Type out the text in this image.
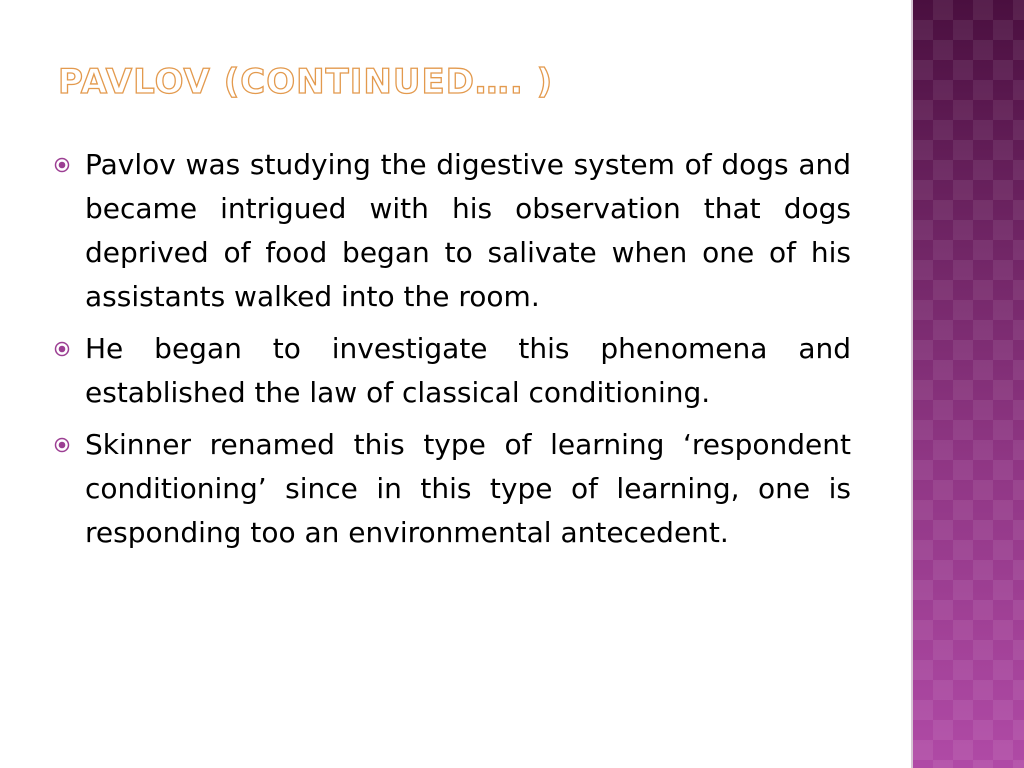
PAVLOV (CONTINUED…. )
Pavlov was studying the digestive system of dogs and became intrigued with his observation that dogs deprived of food began to salivate when one of his assistants walked into the room.
He began to investigate this phenomena and established the law of classical conditioning.
Skinner renamed this type of learning ‘respondent conditioning’ since in this type of learning, one is responding too an environmental antecedent.
